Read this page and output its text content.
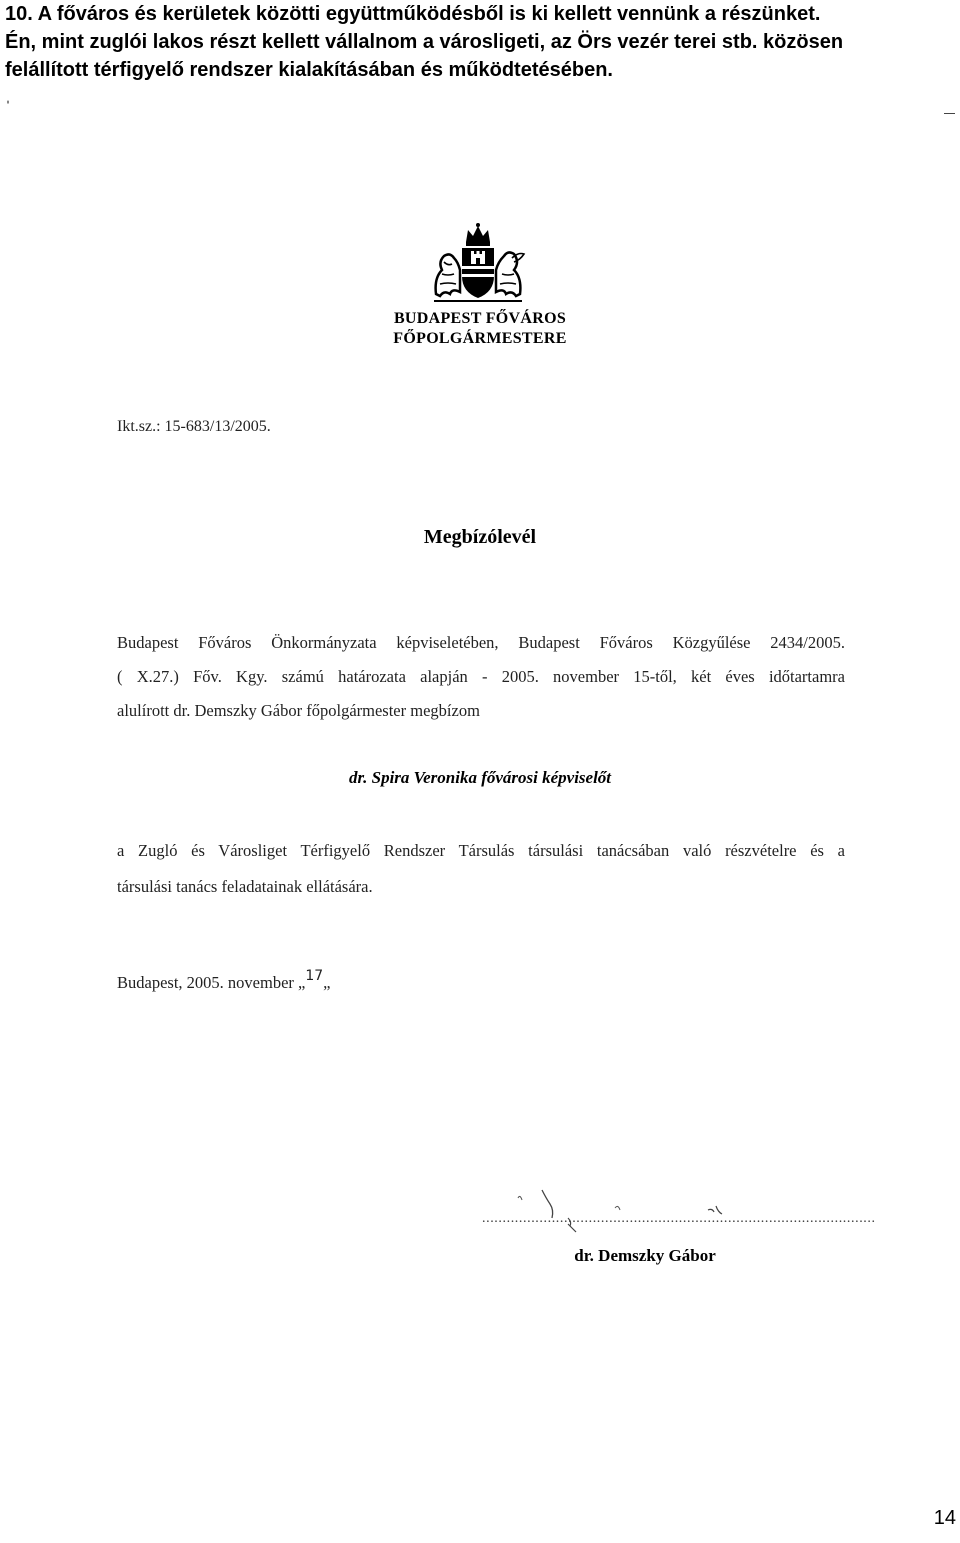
10. A főváros és kerületek közötti együttműködésből is ki kellett vennünk a részünket.
Én, mint zuglói lakos részt kellett vállalnom a városligeti, az Örs vezér terei stb. közösen
felállított térfigyelő rendszer kialakításában és működtetésében.
ˈ
BUDAPEST FŐVÁROS
FŐPOLGÁRMESTERE
Ikt.sz.: 15-683/13/2005.
Megbízólevél
Budapest Főváros Önkormányzata képviseletében, Budapest Főváros Közgyűlése 2434/2005.
( X.27.) Főv. Kgy. számú határozata alapján - 2005. november 15-től, két éves időtartamra
alulírott dr. Demszky Gábor főpolgármester megbízom
dr. Spira Veronika fővárosi képviselőt
a Zugló és Városliget Térfigyelő Rendszer Társulás társulási tanácsában való részvételre és a
társulási tanács feladatainak ellátására.
Budapest, 2005. november „$^{17}$„
................................................................................................
dr. Demszky Gábor
14
